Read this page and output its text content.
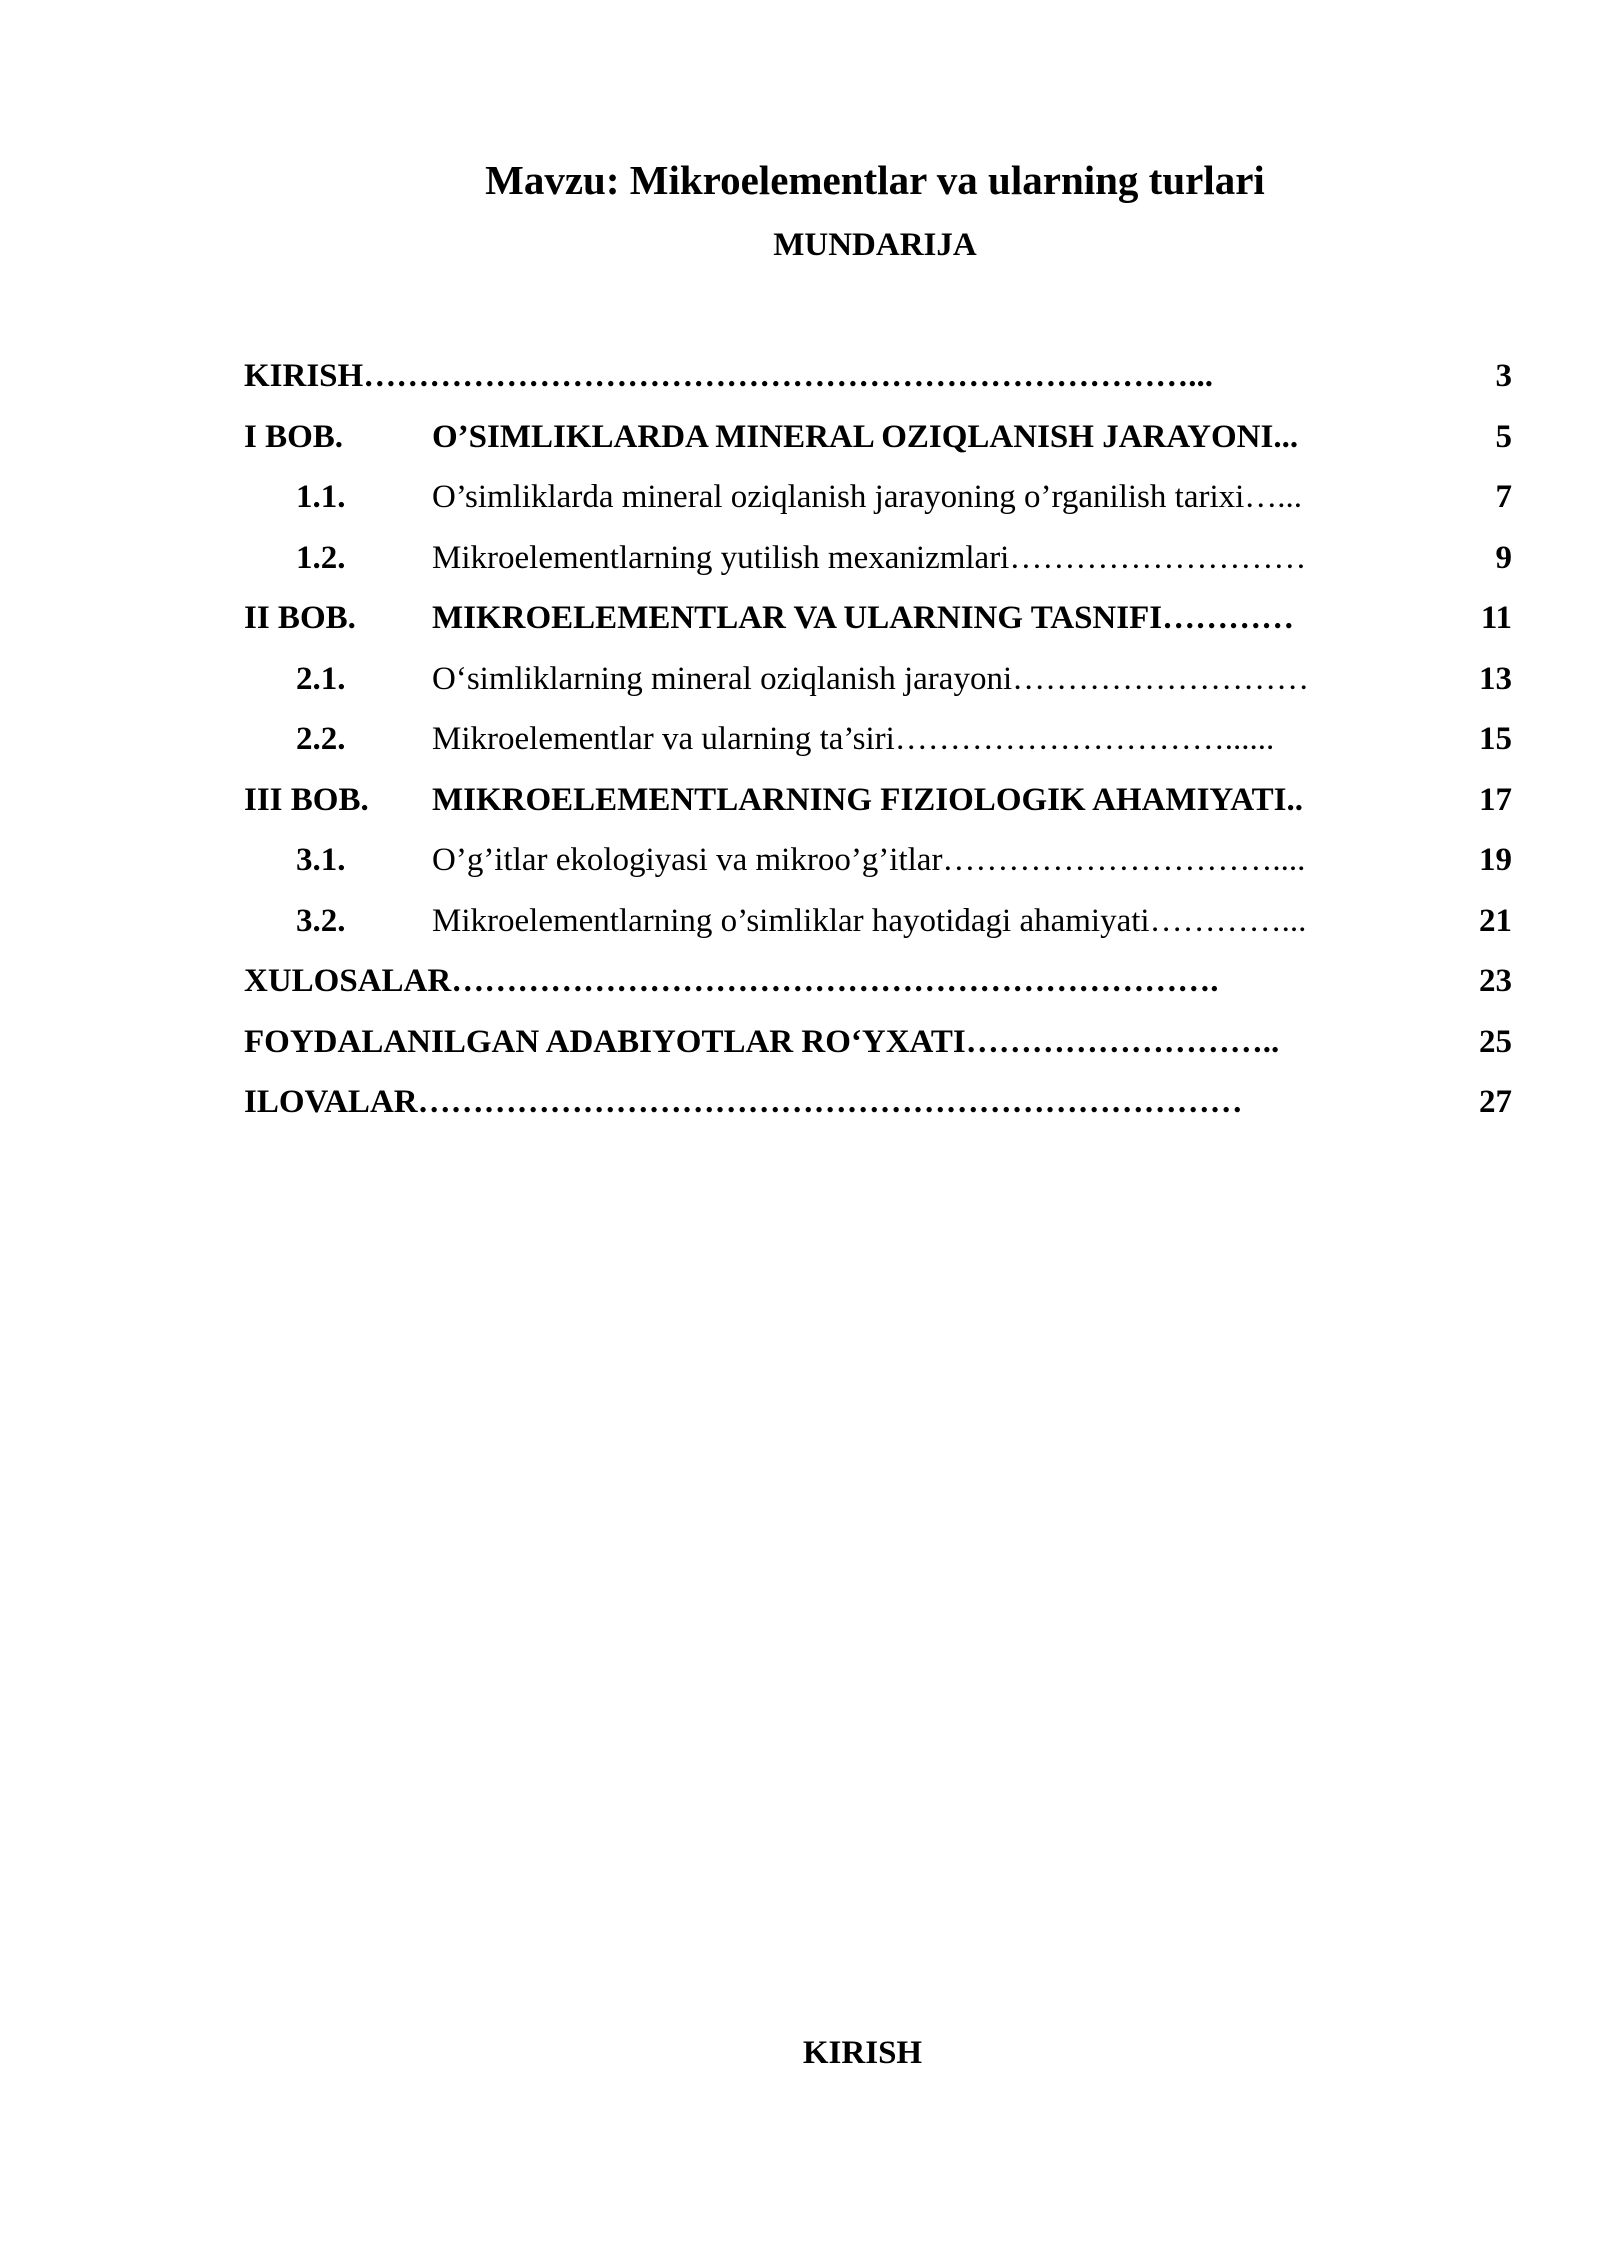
Mavzu: Mikroelementlar va ularning turlari
MUNDARIJA
KIRISH…………………………………………………………………...	3
I BOB.	O’SIMLIKLARDA MINERAL OZIQLANISH JARAYONI...	5
1.1.	O’simliklarda mineral oziqlanish jarayoning o’rganilish tarixi…...	7
1.2.	Mikroelementlarning yutilish mexanizmlari………………………	9
II BOB. MIKROELEMENTLAR VA ULARNING TASNIFI…………	11
2.1.	O‘simliklarning mineral oziqlanish jarayoni………………………	13
2.2.	Mikroelementlar va ularning ta’siri…………………………......	15
III BOB. MIKROELEMENTLARNING FIZIOLOGIK AHAMIYATI..	17
3.1.	O’g’itlar ekologiyasi va mikroo’g’itlar…………………………....	19
3.2.	Mikroelementlarning o’simliklar hayotidagi ahamiyati…………...	21
XULOSALAR…………………………………………………………….	23
FOYDALANILGAN ADABIYOTLAR RO‘YXATI………………………..	25
ILOVALAR…………………………………………………………………	27
KIRISH
